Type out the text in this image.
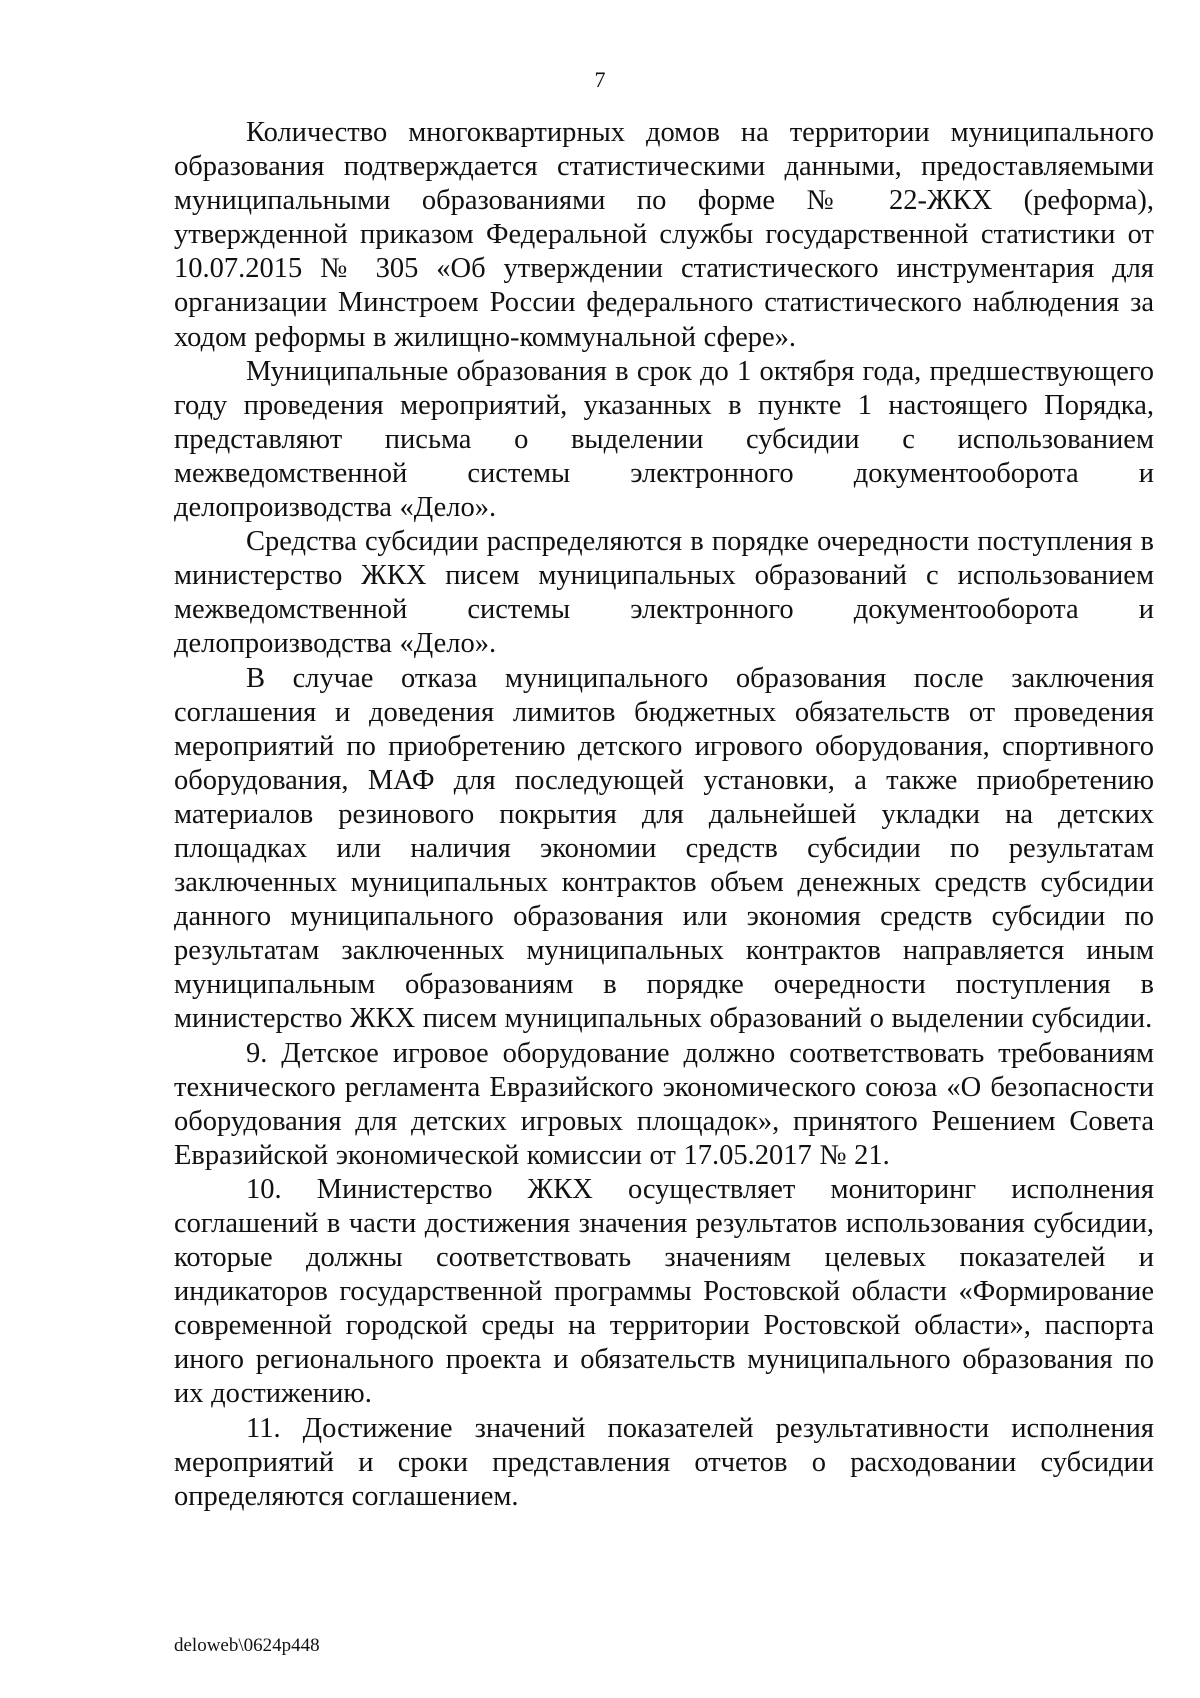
7

Количество многоквартирных домов на территории муниципального образования подтверждается статистическими данными, предоставляемыми муниципальными образованиями по форме № 22-ЖКХ (реформа), утвержденной приказом Федеральной службы государственной статистики от 10.07.2015 № 305 «Об утверждении статистического инструментария для организации Минстроем России федерального статистического наблюдения за ходом реформы в жилищно-коммунальной сфере».

Муниципальные образования в срок до 1 октября года, предшествующего году проведения мероприятий, указанных в пункте 1 настоящего Порядка, представляют письма о выделении субсидии с использованием межведомственной системы электронного документооборота и делопроизводства «Дело».

Средства субсидии распределяются в порядке очередности поступления в министерство ЖКХ писем муниципальных образований с использованием межведомственной системы электронного документооборота и делопроизводства «Дело».

В случае отказа муниципального образования после заключения соглашения и доведения лимитов бюджетных обязательств от проведения мероприятий по приобретению детского игрового оборудования, спортивного оборудования, МАФ для последующей установки, а также приобретению материалов резинового покрытия для дальнейшей укладки на детских площадках или наличия экономии средств субсидии по результатам заключенных муниципальных контрактов объем денежных средств субсидии данного муниципального образования или экономия средств субсидии по результатам заключенных муниципальных контрактов направляется иным муниципальным образованиям в порядке очередности поступления в министерство ЖКХ писем муниципальных образований о выделении субсидии.

9. Детское игровое оборудование должно соответствовать требованиям технического регламента Евразийского экономического союза «О безопасности оборудования для детских игровых площадок», принятого Решением Совета Евразийской экономической комиссии от 17.05.2017 № 21.

10. Министерство ЖКХ осуществляет мониторинг исполнения соглашений в части достижения значения результатов использования субсидии, которые должны соответствовать значениям целевых показателей и индикаторов государственной программы Ростовской области «Формирование современной городской среды на территории Ростовской области», паспорта иного регионального проекта и обязательств муниципального образования по их достижению.

11. Достижение значений показателей результативности исполнения мероприятий и сроки представления отчетов о расходовании субсидии определяются соглашением.

deloweb\0624p448
